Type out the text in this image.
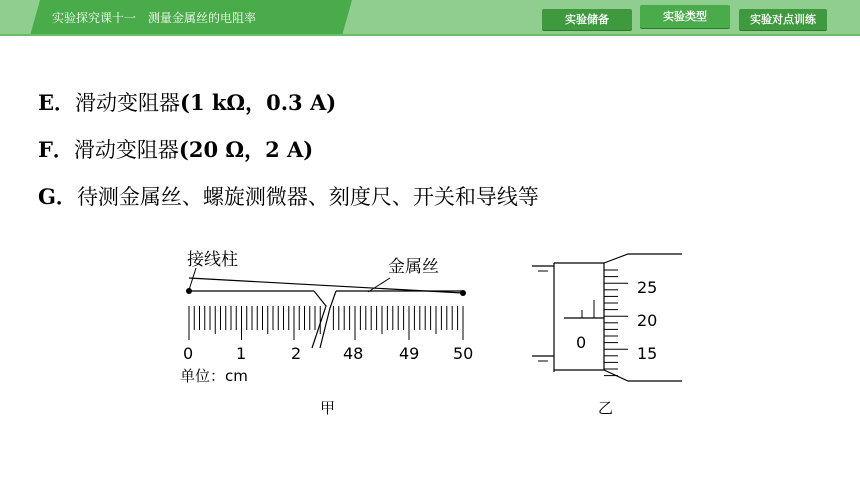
实验探究课十一　测量金属丝的电阻率	实验储备	实验类型	实验对点训练
E．滑动变阻器(1 kΩ，0.3 A)
F．滑动变阻器(20 Ω，2 A)
G．待测金属丝、螺旋测微器、刻度尺、开关和导线等
接线柱	金属丝
0	1	2	48 49 50
单位：cm
甲
0
25
20
15
乙
